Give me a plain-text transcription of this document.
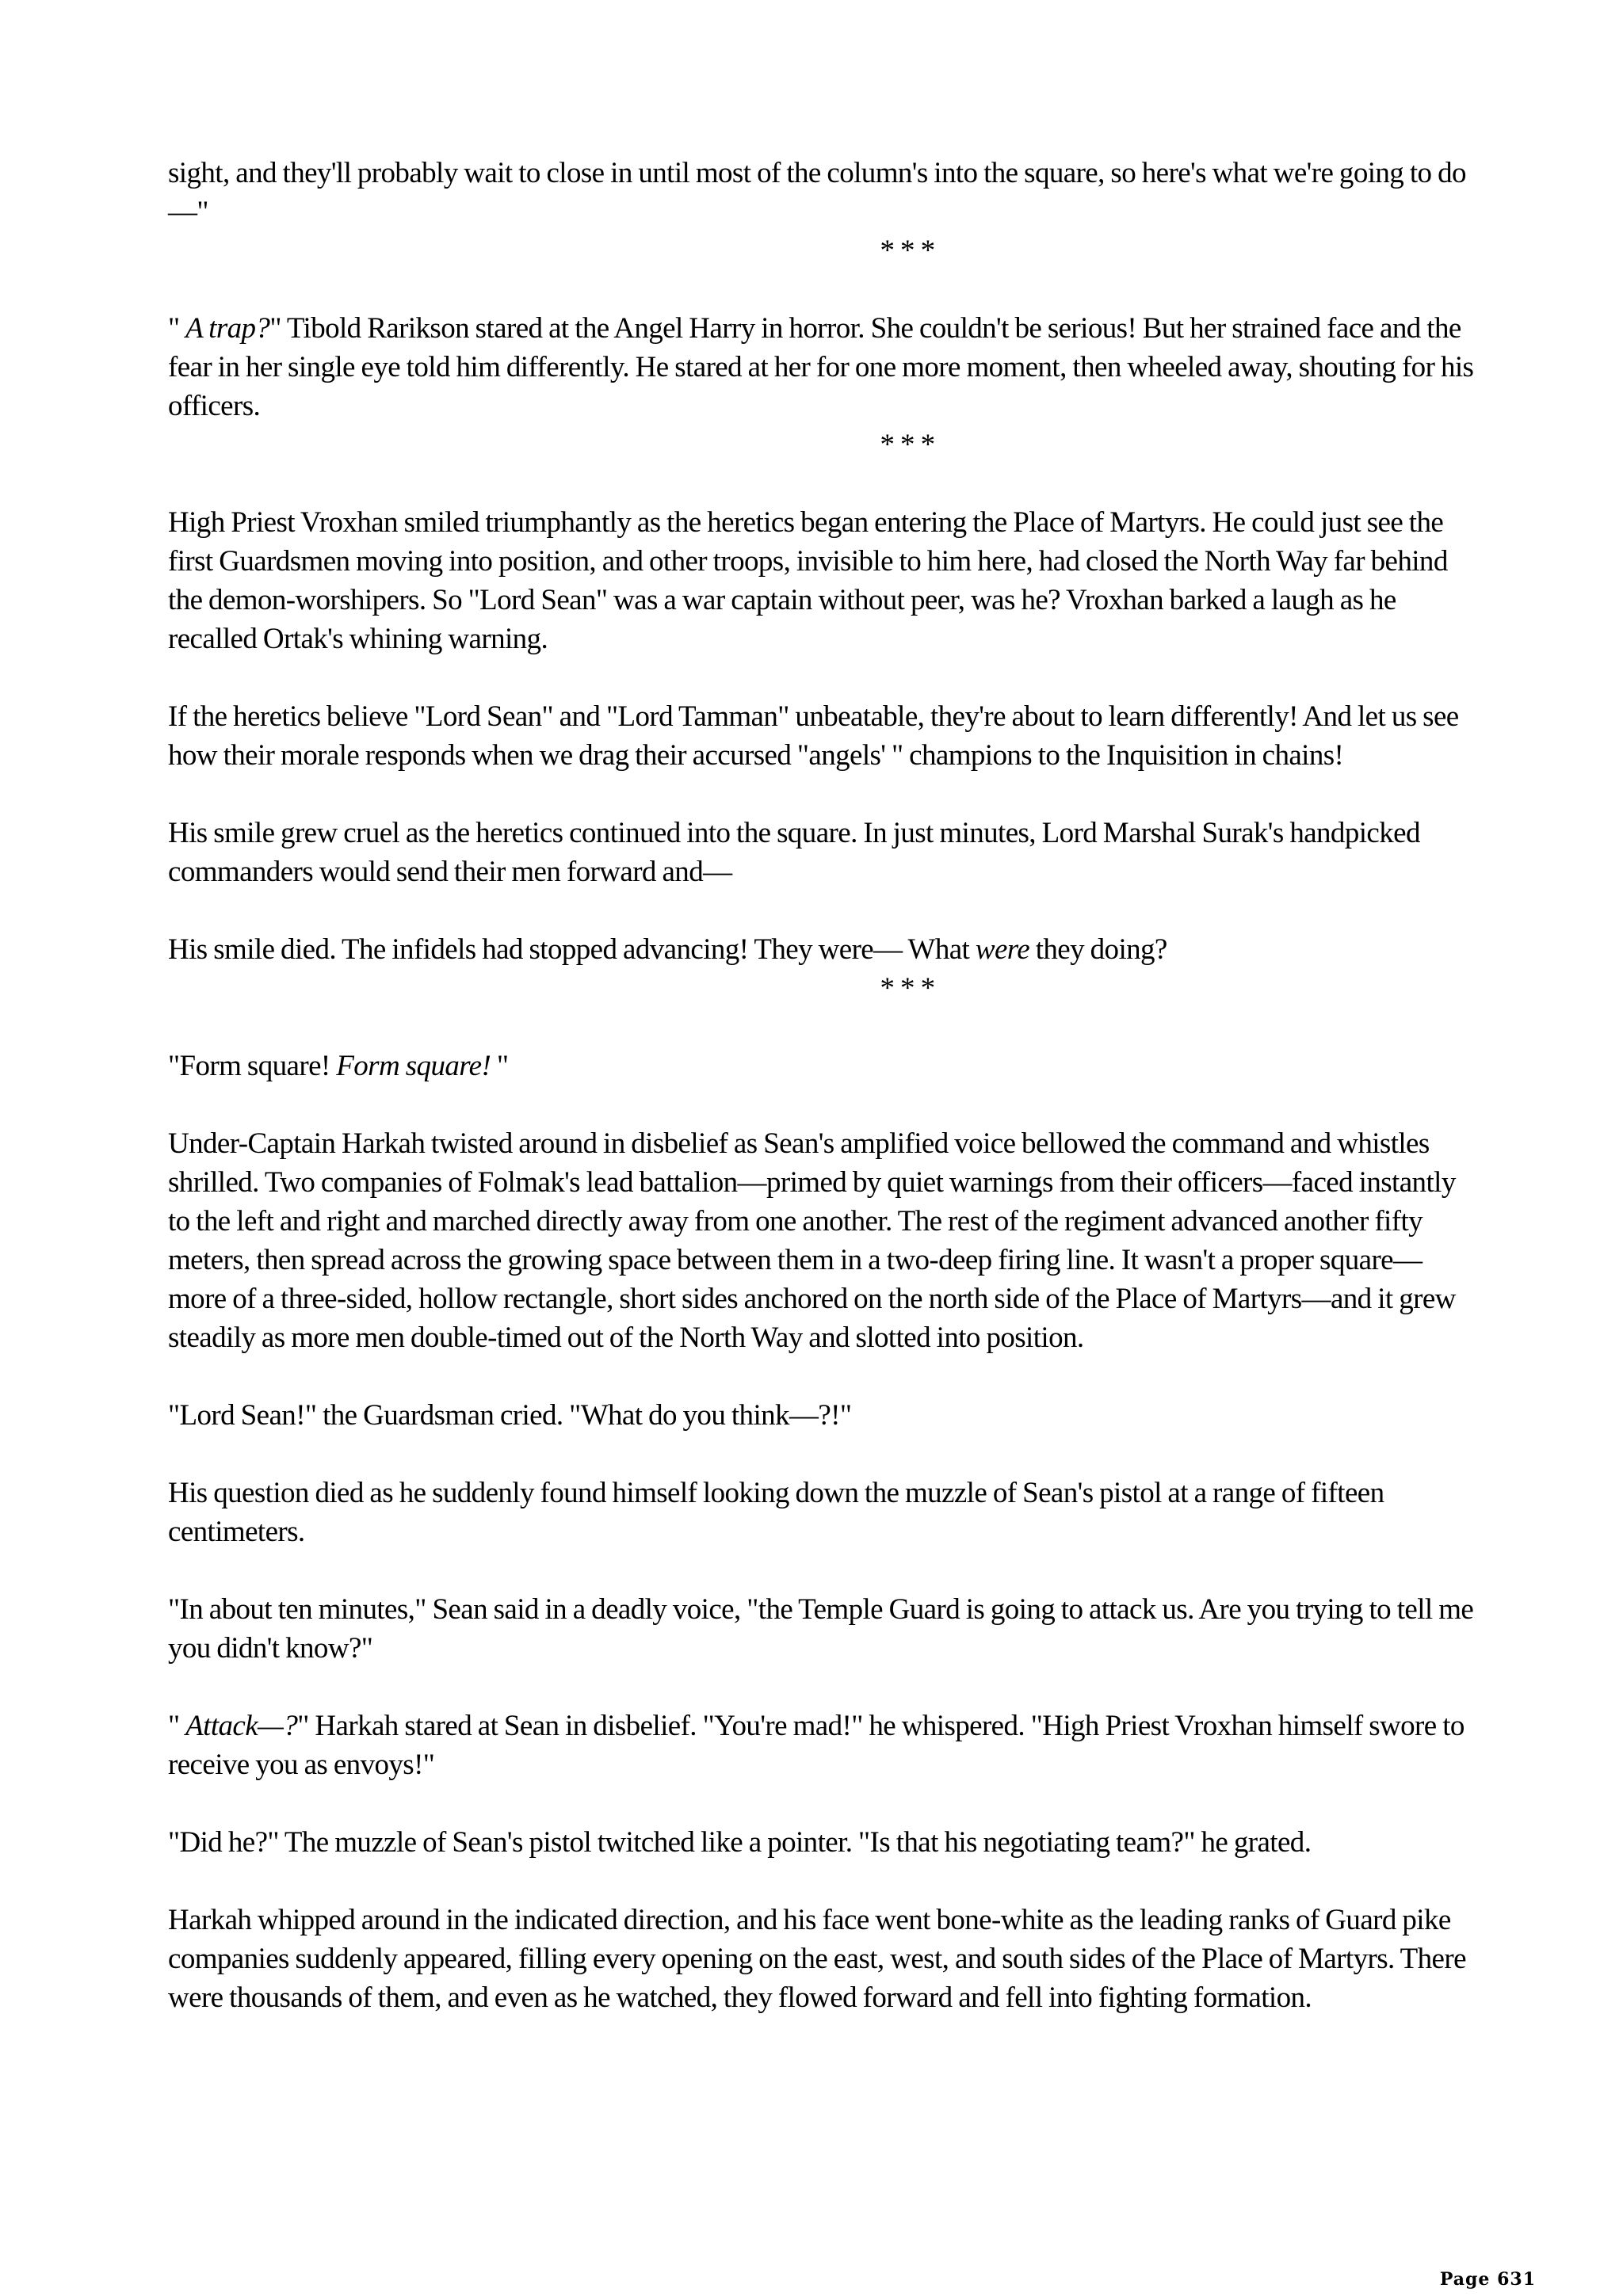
sight, and they'll probably wait to close in until most of the column's into the square, so here's what we're going to do—"

* * *

" A trap?" Tibold Rarikson stared at the Angel Harry in horror. She couldn't be serious! But her strained face and the fear in her single eye told him differently. He stared at her for one more moment, then wheeled away, shouting for his officers.

* * *

High Priest Vroxhan smiled triumphantly as the heretics began entering the Place of Martyrs. He could just see the first Guardsmen moving into position, and other troops, invisible to him here, had closed the North Way far behind the demon-worshipers. So "Lord Sean" was a war captain without peer, was he? Vroxhan barked a laugh as he recalled Ortak's whining warning.

If the heretics believe "Lord Sean" and "Lord Tamman" unbeatable, they're about to learn differently! And let us see how their morale responds when we drag their accursed "angels' " champions to the Inquisition in chains!

His smile grew cruel as the heretics continued into the square. In just minutes, Lord Marshal Surak's handpicked commanders would send their men forward and—

His smile died. The infidels had stopped advancing! They were— What were they doing?

* * *

"Form square! Form square! "

Under-Captain Harkah twisted around in disbelief as Sean's amplified voice bellowed the command and whistles shrilled. Two companies of Folmak's lead battalion—primed by quiet warnings from their officers—faced instantly to the left and right and marched directly away from one another. The rest of the regiment advanced another fifty meters, then spread across the growing space between them in a two-deep firing line. It wasn't a proper square—more of a three-sided, hollow rectangle, short sides anchored on the north side of the Place of Martyrs—and it grew steadily as more men double-timed out of the North Way and slotted into position.

"Lord Sean!" the Guardsman cried. "What do you think—?!"

His question died as he suddenly found himself looking down the muzzle of Sean's pistol at a range of fifteen centimeters.

"In about ten minutes," Sean said in a deadly voice, "the Temple Guard is going to attack us. Are you trying to tell me you didn't know?"

" Attack—?" Harkah stared at Sean in disbelief. "You're mad!" he whispered. "High Priest Vroxhan himself swore to receive you as envoys!"

"Did he?" The muzzle of Sean's pistol twitched like a pointer. "Is that his negotiating team?" he grated.

Harkah whipped around in the indicated direction, and his face went bone-white as the leading ranks of Guard pike companies suddenly appeared, filling every opening on the east, west, and south sides of the Place of Martyrs. There were thousands of them, and even as he watched, they flowed forward and fell into fighting formation.

Page 631
